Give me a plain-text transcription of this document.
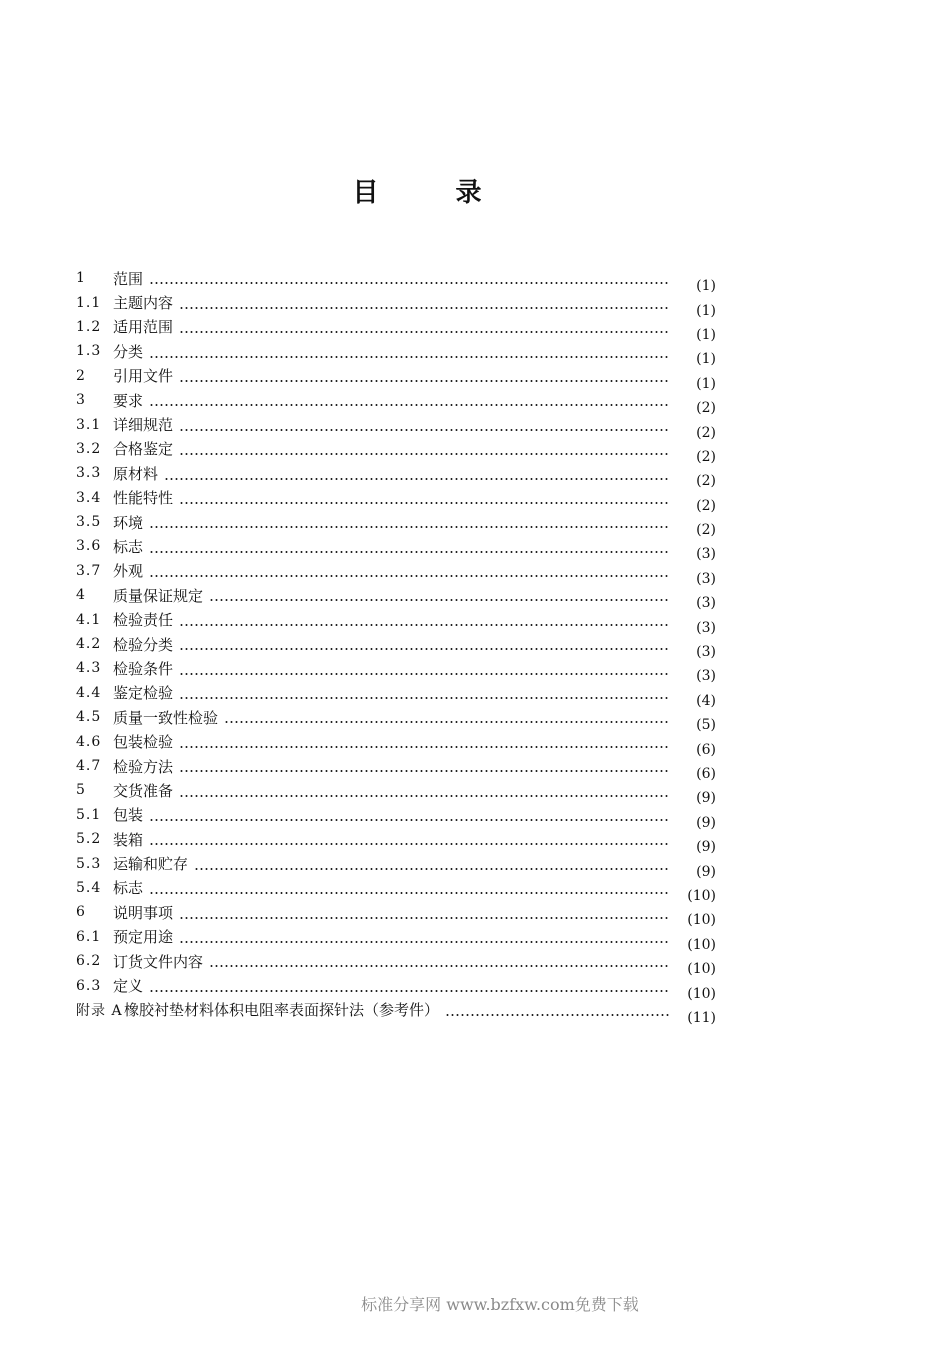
目 录
1	范围	(1)
1.1 主题内容	(1)
1.2 适用范围	(1)
1.3 分类	(1)
2	引用文件	(1)
3	要求	(2)
3.1 详细规范	(2)
3.2 合格鉴定	(2)
3.3 原材料	(2)
3.4 性能特性	(2)
3.5 环境	(2)
3.6 标志	(3)
3.7 外观	(3)
4	质量保证规定	(3)
4.1 检验责任	(3)
4.2 检验分类	(3)
4.3 检验条件	(3)
4.4 鉴定检验	(4)
4.5 质量一致性检验	(5)
4.6 包装检验	(6)
4.7 检验方法	(6)
5	交货准备	(9)
5.1 包装	(9)
5.2 装箱	(9)
5.3 运输和贮存	(9)
5.4 标志	(10)
6	说明事项	(10)
6.1 预定用途	(10)
6.2 订货文件内容	(10)
6.3 定义	(10)
附录 A 橡胶衬垫材料体积电阻率表面探针法（参考件）	(11)

标准分享网 www.bzfxw.com免费下载
